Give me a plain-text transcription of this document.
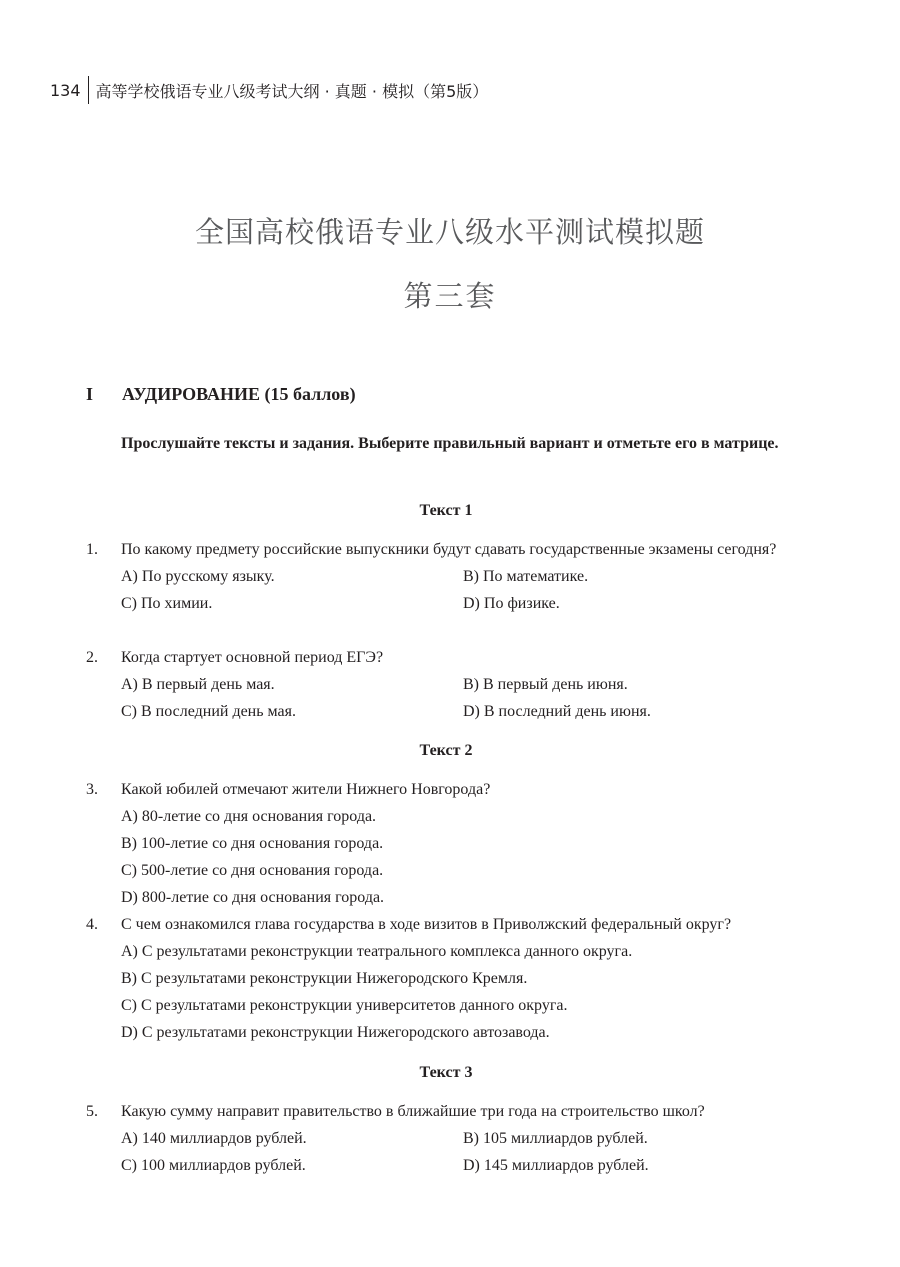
134 高等学校俄语专业八级考试大纲 · 真题 · 模拟（第5版）
全国高校俄语专业八级水平测试模拟题
第三套
I АУДИРОВАНИЕ (15 баллов)
Прослушайте тексты и задания. Выберите правильный вариант и отметьте его в матрице.
Текст 1
1. По какому предмету российские выпускники будут сдавать государственные экзамены сегодня?
A) По русскому языку.	B) По математике.
C) По химии.	D) По физике.
2. Когда стартует основной период ЕГЭ?
A) В первый день мая.	B) В первый день июня.
C) В последний день мая.	D) В последний день июня.
Текст 2
3. Какой юбилей отмечают жители Нижнего Новгорода?
A) 80-летие со дня основания города.
B) 100-летие со дня основания города.
C) 500-летие со дня основания города.
D) 800-летие со дня основания города.
4. С чем ознакомился глава государства в ходе визитов в Приволжский федеральный округ?
A) С результатами реконструкции театрального комплекса данного округа.
B) С результатами реконструкции Нижегородского Кремля.
C) С результатами реконструкции университетов данного округа.
D) С результатами реконструкции Нижегородского автозавода.
Текст 3
5. Какую сумму направит правительство в ближайшие три года на строительство школ?
A) 140 миллиардов рублей.	B) 105 миллиардов рублей.
C) 100 миллиардов рублей.	D) 145 миллиардов рублей.
